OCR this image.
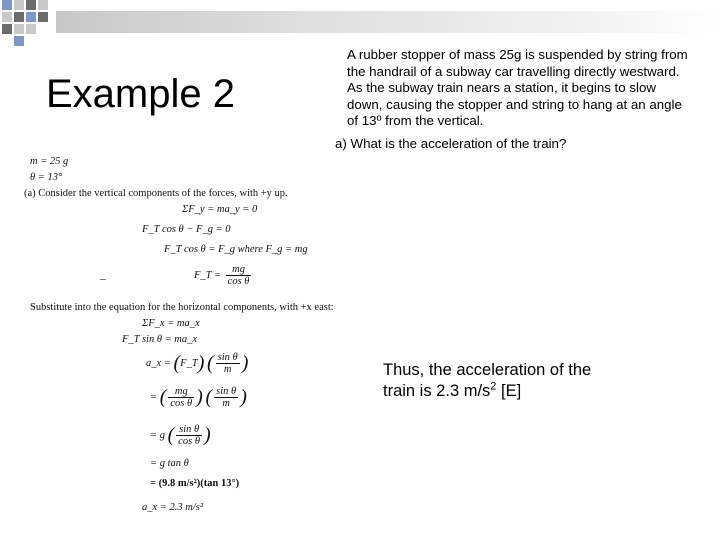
Example 2
A rubber stopper of mass 25g is suspended by string from the handrail of a subway car travelling directly westward. As the subway train nears a station, it begins to slow down, causing the stopper and string to hang at an angle of 13º from the vertical.
a) What is the acceleration of the train?
m = 25 g
θ = 13°
(a) Consider the vertical components of the forces, with +y up.
ΣF_y = ma_y = 0
F_T cos θ − F_g = 0
F_T cos θ = F_g where F_g = mg
F_T = $\frac{mg}{\text{cos θ}}$
Substitute into the equation for the horizontal components, with +x east:
ΣF_x = ma_x
F_T sin θ = ma_x
a_x = (F_T) ( $\frac{\text{sin θ}}{m}$ )
= ( $\frac{mg}{\text{cos θ}}$ ) ( $\frac{\text{sin θ}}{m}$ )
= g ( $\frac{\text{sin θ}}{\text{cos θ}}$ )
= g tan θ
= (9.8 m/s²)(tan 13°)
a_x = 2.3 m/s²
Thus, the acceleration of the train is 2.3 $m/s^2$ [E]
